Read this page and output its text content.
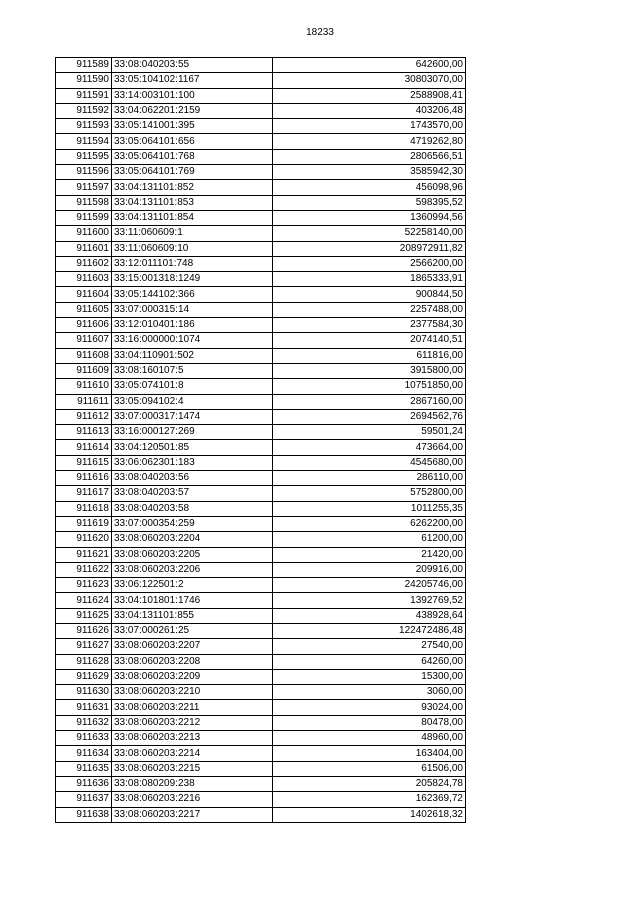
18233
911589	33:08:040203:55	642600,00
911590	33:05:104102:1167	30803070,00
911591	33:14:003101:100	2588908,41
911592	33:04:062201:2159	403206,48
911593	33:05:141001:395	1743570,00
911594	33:05:064101:656	4719262,80
911595	33:05:064101:768	2806566,51
911596	33:05:064101:769	3585942,30
911597	33:04:131101:852	456098,96
911598	33:04:131101:853	598395,52
911599	33:04:131101:854	1360994,56
911600	33:11:060609:1	52258140,00
911601	33:11:060609:10	208972911,82
911602	33:12:011101:748	2566200,00
911603	33:15:001318:1249	1865333,91
911604	33:05:144102:366	900844,50
911605	33:07:000315:14	2257488,00
911606	33:12:010401:186	2377584,30
911607	33:16:000000:1074	2074140,51
911608	33:04:110901:502	611816,00
911609	33:08:160107:5	3915800,00
911610	33:05:074101:8	10751850,00
911611	33:05:094102:4	2867160,00
911612	33:07:000317:1474	2694562,76
911613	33:16:000127:269	59501,24
911614	33:04:120501:85	473664,00
911615	33:06:062301:183	4545680,00
911616	33:08:040203:56	286110,00
911617	33:08:040203:57	5752800,00
911618	33:08:040203:58	1011255,35
911619	33:07:000354:259	6262200,00
911620	33:08:060203:2204	61200,00
911621	33:08:060203:2205	21420,00
911622	33:08:060203:2206	209916,00
911623	33:06:122501:2	24205746,00
911624	33:04:101801:1746	1392769,52
911625	33:04:131101:855	438928,64
911626	33:07:000261:25	122472486,48
911627	33:08:060203:2207	27540,00
911628	33:08:060203:2208	64260,00
911629	33:08:060203:2209	15300,00
911630	33:08:060203:2210	3060,00
911631	33:08:060203:2211	93024,00
911632	33:08:060203:2212	80478,00
911633	33:08:060203:2213	48960,00
911634	33:08:060203:2214	163404,00
911635	33:08:060203:2215	61506,00
911636	33:08:080209:238	205824,78
911637	33:08:060203:2216	162369,72
911638	33:08:060203:2217	1402618,32
